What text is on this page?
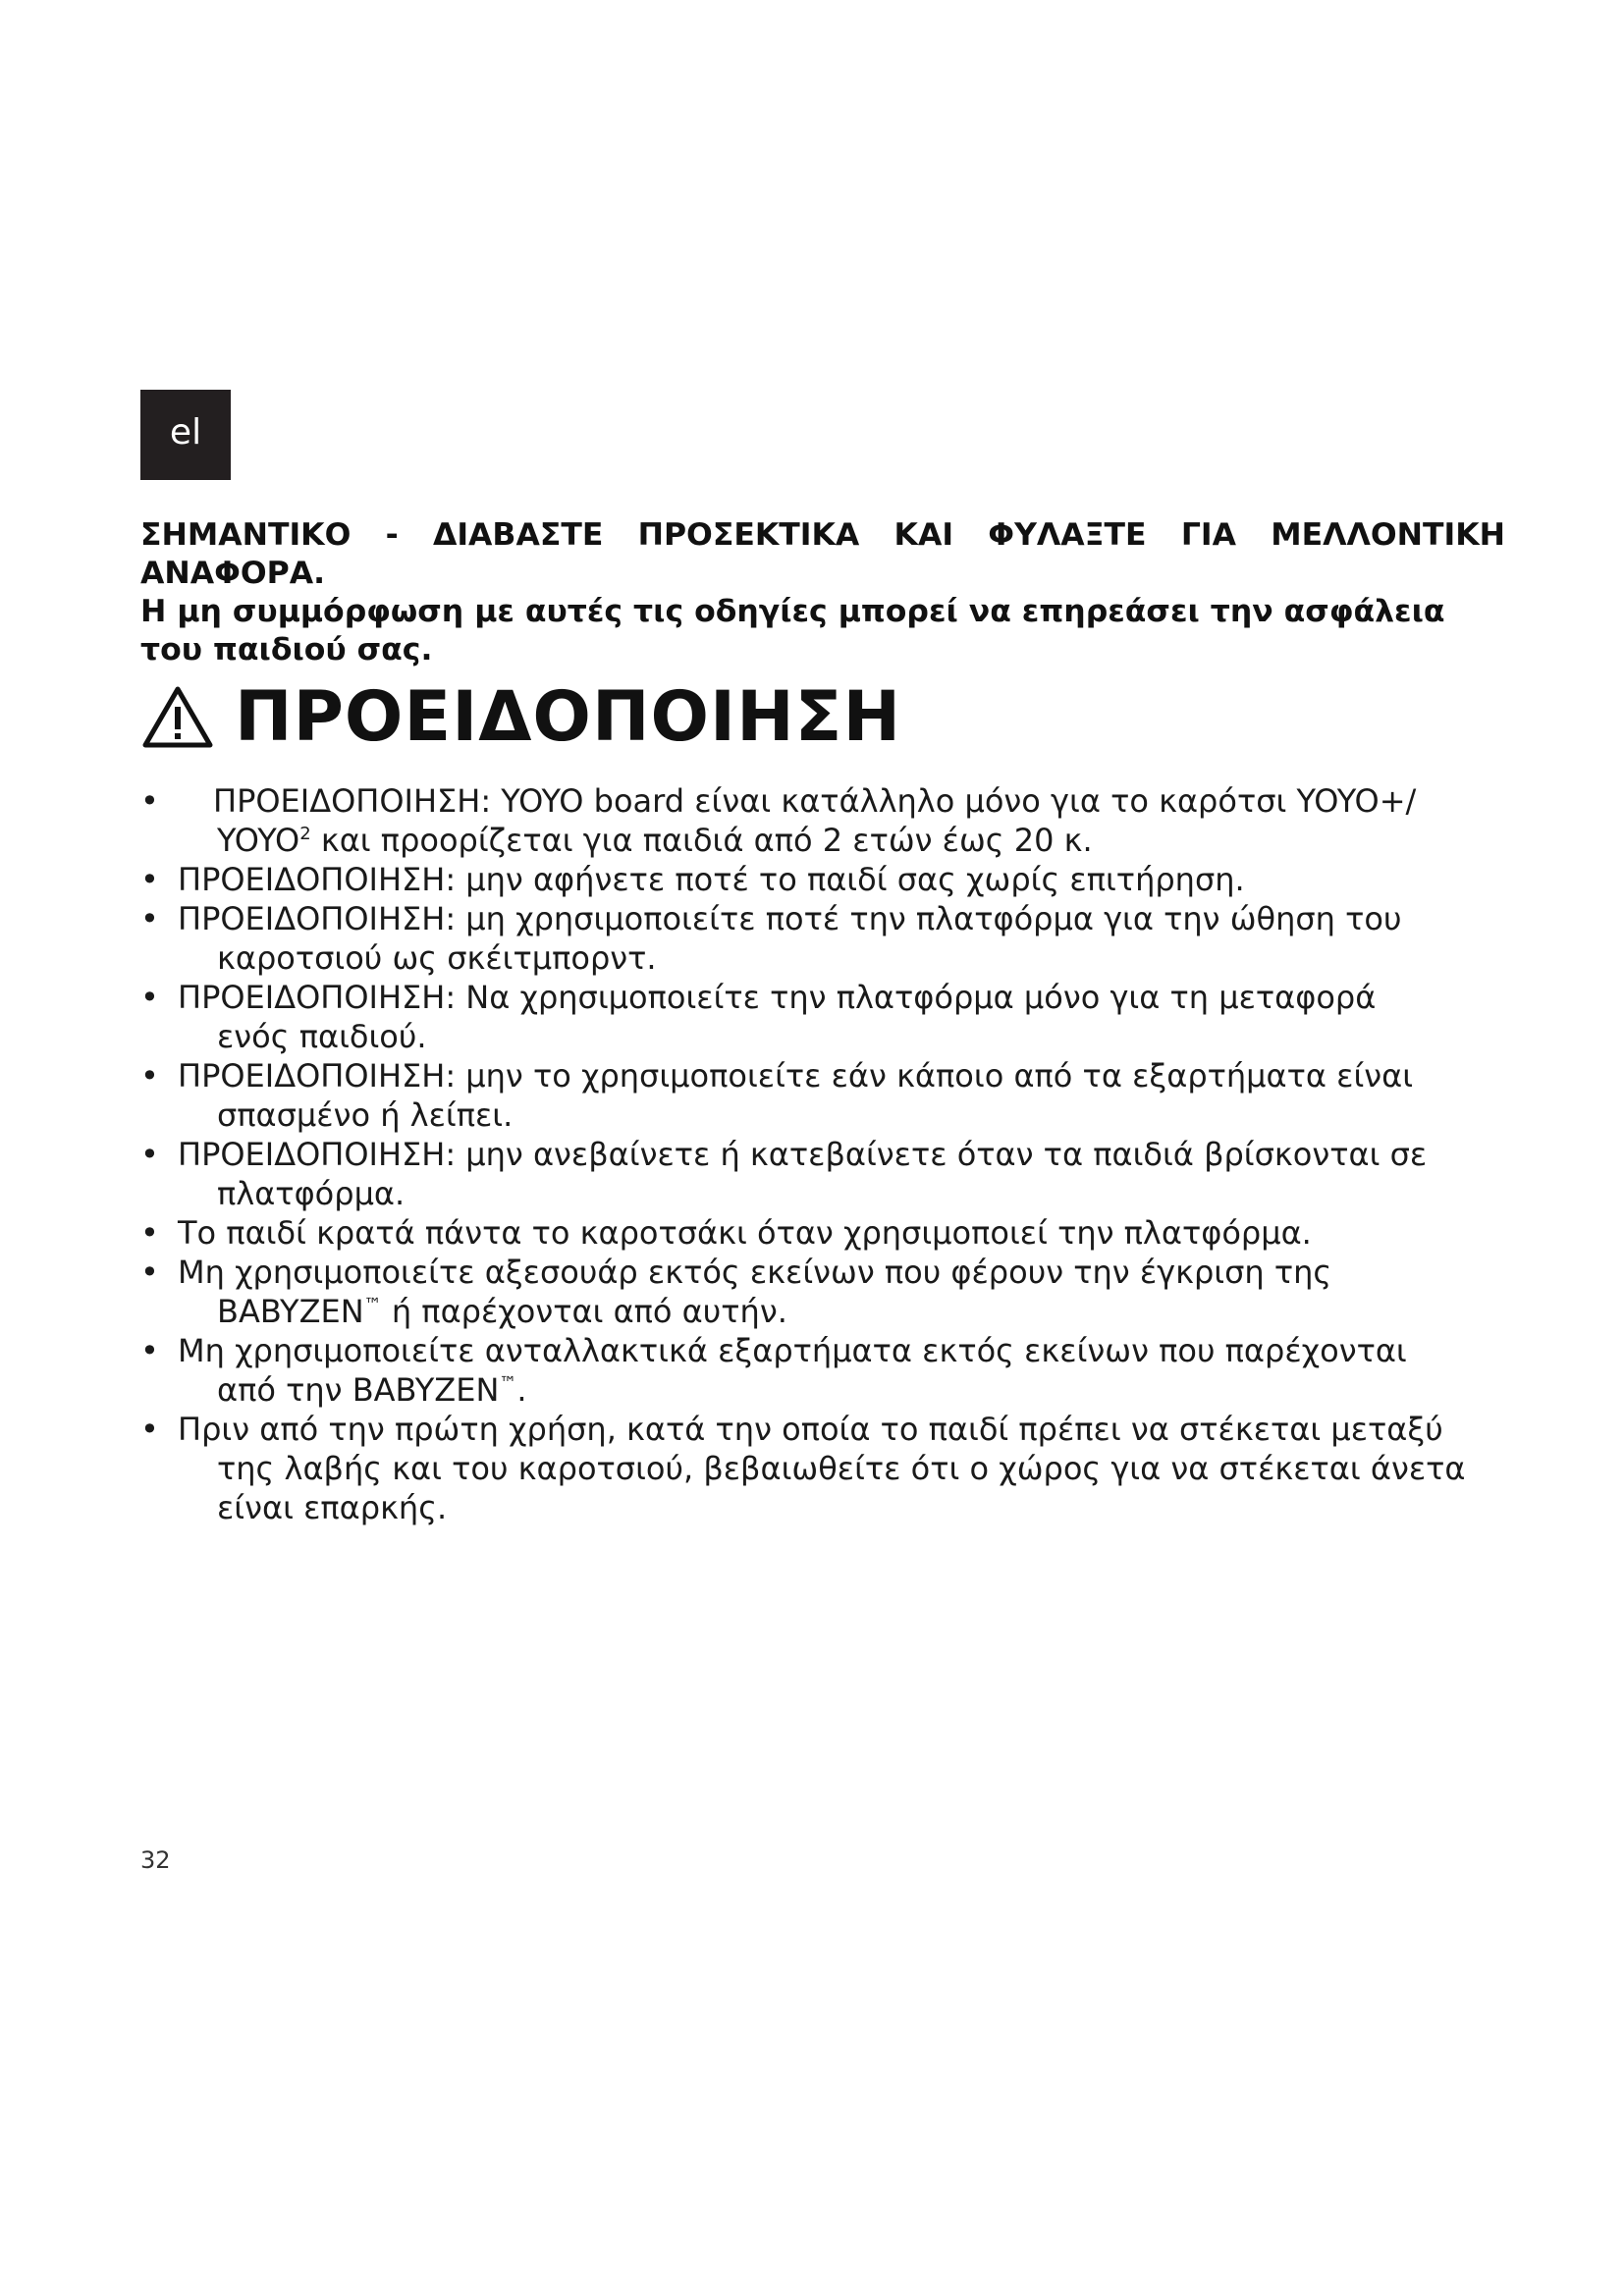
el

ΣΗΜΑΝΤΙΚΟ - ΔΙΑΒΑΣΤΕ ΠΡΟΣΕΚΤΙΚΑ ΚΑΙ ΦΥΛΑΞΤΕ ΓΙΑ ΜΕΛΛΟΝΤΙΚΗ ΑΝΑΦΟΡΑ.
Η μη συμμόρφωση με αυτές τις οδηγίες μπορεί να επηρεάσει την ασφάλεια του παιδιού σας.

ΠΡΟΕΙΔΟΠΟΙΗΣΗ
•	ΠΡΟΕΙΔΟΠΟΙΗΣΗ: YOYO board είναι κατάλληλο μόνο για το καρότσι YOYO+/
YOYO$^2$ και προορίζεται για παιδιά από 2 ετών έως 20 κ.
• ΠΡΟΕΙΔΟΠΟΙΗΣΗ: μην αφήνετε ποτέ το παιδί σας χωρίς επιτήρηση.
• ΠΡΟΕΙΔΟΠΟΙΗΣΗ: μη χρησιμοποιείτε ποτέ την πλατφόρμα για την ώθηση του
καροτσιού ως σκέιτμπορντ.
• ΠΡΟΕΙΔΟΠΟΙΗΣΗ: Να χρησιμοποιείτε την πλατφόρμα μόνο για τη μεταφορά
ενός παιδιού.
• ΠΡΟΕΙΔΟΠΟΙΗΣΗ: μην το χρησιμοποιείτε εάν κάποιο από τα εξαρτήματα είναι
σπασμένο ή λείπει.
• ΠΡΟΕΙΔΟΠΟΙΗΣΗ: μην ανεβαίνετε ή κατεβαίνετε όταν τα παιδιά βρίσκονται σε
πλατφόρμα.
• Το παιδί κρατά πάντα το καροτσάκι όταν χρησιμοποιεί την πλατφόρμα.
• Μη χρησιμοποιείτε αξεσουάρ εκτός εκείνων που φέρουν την έγκριση της
BABYZEN™ ή παρέχονται από αυτήν.
• Μη χρησιμοποιείτε ανταλλακτικά εξαρτήματα εκτός εκείνων που παρέχονται
από την BABYZEN™.
• Πριν από την πρώτη χρήση, κατά την οποία το παιδί πρέπει να στέκεται μεταξύ
της λαβής και του καροτσιού, βεβαιωθείτε ότι ο χώρος για να στέκεται άνετα
είναι επαρκής.
32
